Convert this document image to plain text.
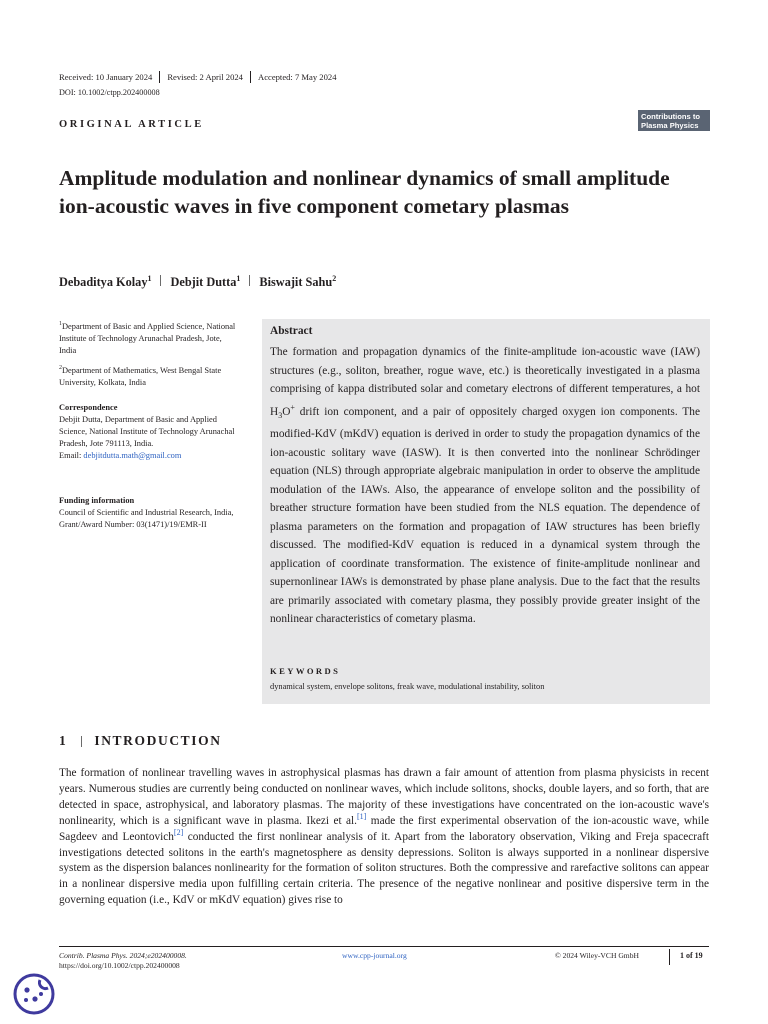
Received: 10 January 2024 Revised: 2 April 2024 Accepted: 7 May 2024
DOI: 10.1002/ctpp.202400008
ORIGINAL ARTICLE
Contributions to
Plasma Physics
Amplitude modulation and nonlinear dynamics of small amplitude ion-acoustic waves in five component cometary plasmas
Debaditya Kolay$^1$ Debjit Dutta$^1$ Biswajit Sahu$^2$
$^1$Department of Basic and Applied Science, National Institute of Technology Arunachal Pradesh, Jote, India
$^2$Department of Mathematics, West Bengal State University, Kolkata, India
Correspondence
Debjit Dutta, Department of Basic and Applied Science, National Institute of Technology Arunachal Pradesh, Jote 791113, India.
Email: debjitdutta.math@gmail.com
Funding information
Council of Scientific and Industrial Research, India, Grant/Award Number: 03(1471)/19/EMR-II
Abstract
The formation and propagation dynamics of the finite-amplitude ion-acoustic wave (IAW) structures (e.g., soliton, breather, rogue wave, etc.) is theoretically investigated in a plasma comprising of kappa distributed solar and cometary electrons of different temperatures, a hot $H_3O^+$ drift ion component, and a pair of oppositely charged oxygen ion components. The modified-KdV (mKdV) equation is derived in order to study the propagation dynamics of the ion-acoustic solitary wave (IASW). It is then converted into the nonlinear Schrödinger equation (NLS) through appropriate algebraic manipulation in order to observe the amplitude modulation of the IAWs. Also, the appearance of envelope soliton and the possibility of breather structure formation have been studied from the NLS equation. The dependence of plasma parameters on the formation and propagation of IAW structures has been briefly discussed. The modified-KdV equation is reduced in a dynamical system through the application of coordinate transformation. The existence of finite-amplitude nonlinear and supernonlinear IAWs is demonstrated by phase plane analysis. Due to the fact that the results are primarily associated with cometary plasma, they possibly provide greater insight of the nonlinear characteristics of cometary plasma.
KEYWORDS
dynamical system, envelope solitons, freak wave, modulational instability, soliton
1 INTRODUCTION
The formation of nonlinear travelling waves in astrophysical plasmas has drawn a fair amount of attention from plasma physicists in recent years. Numerous studies are currently being conducted on nonlinear waves, which include solitons, shocks, double layers, and so forth, that are detected in space, astrophysical, and laboratory plasmas. The majority of these investigations have concentrated on the ion-acoustic wave's nonlinearity, which is a significant wave in plasma. Ikezi et al.[1] made the first experimental observation of the ion-acoustic wave, while Sagdeev and Leontovich[2] conducted the first nonlinear analysis of it. Apart from the laboratory observation, Viking and Freja spacecraft investigations detected solitons in the earth's magnetosphere as density depressions. Soliton is always supported in a nonlinear dispersive system as the dispersion balances nonlinearity for the formation of soliton structures. Both the compressive and rarefactive solitons can appear in a nonlinear dispersive media upon fulfilling certain criteria. The presence of the negative nonlinear and positive dispersive term in the governing equation (i.e., KdV or mKdV equation) gives rise to
Contrib. Plasma Phys. 2024;e202400008.
https://doi.org/10.1002/ctpp.202400008
www.cpp-journal.org	© 2024 Wiley-VCH GmbH	1 of 19
